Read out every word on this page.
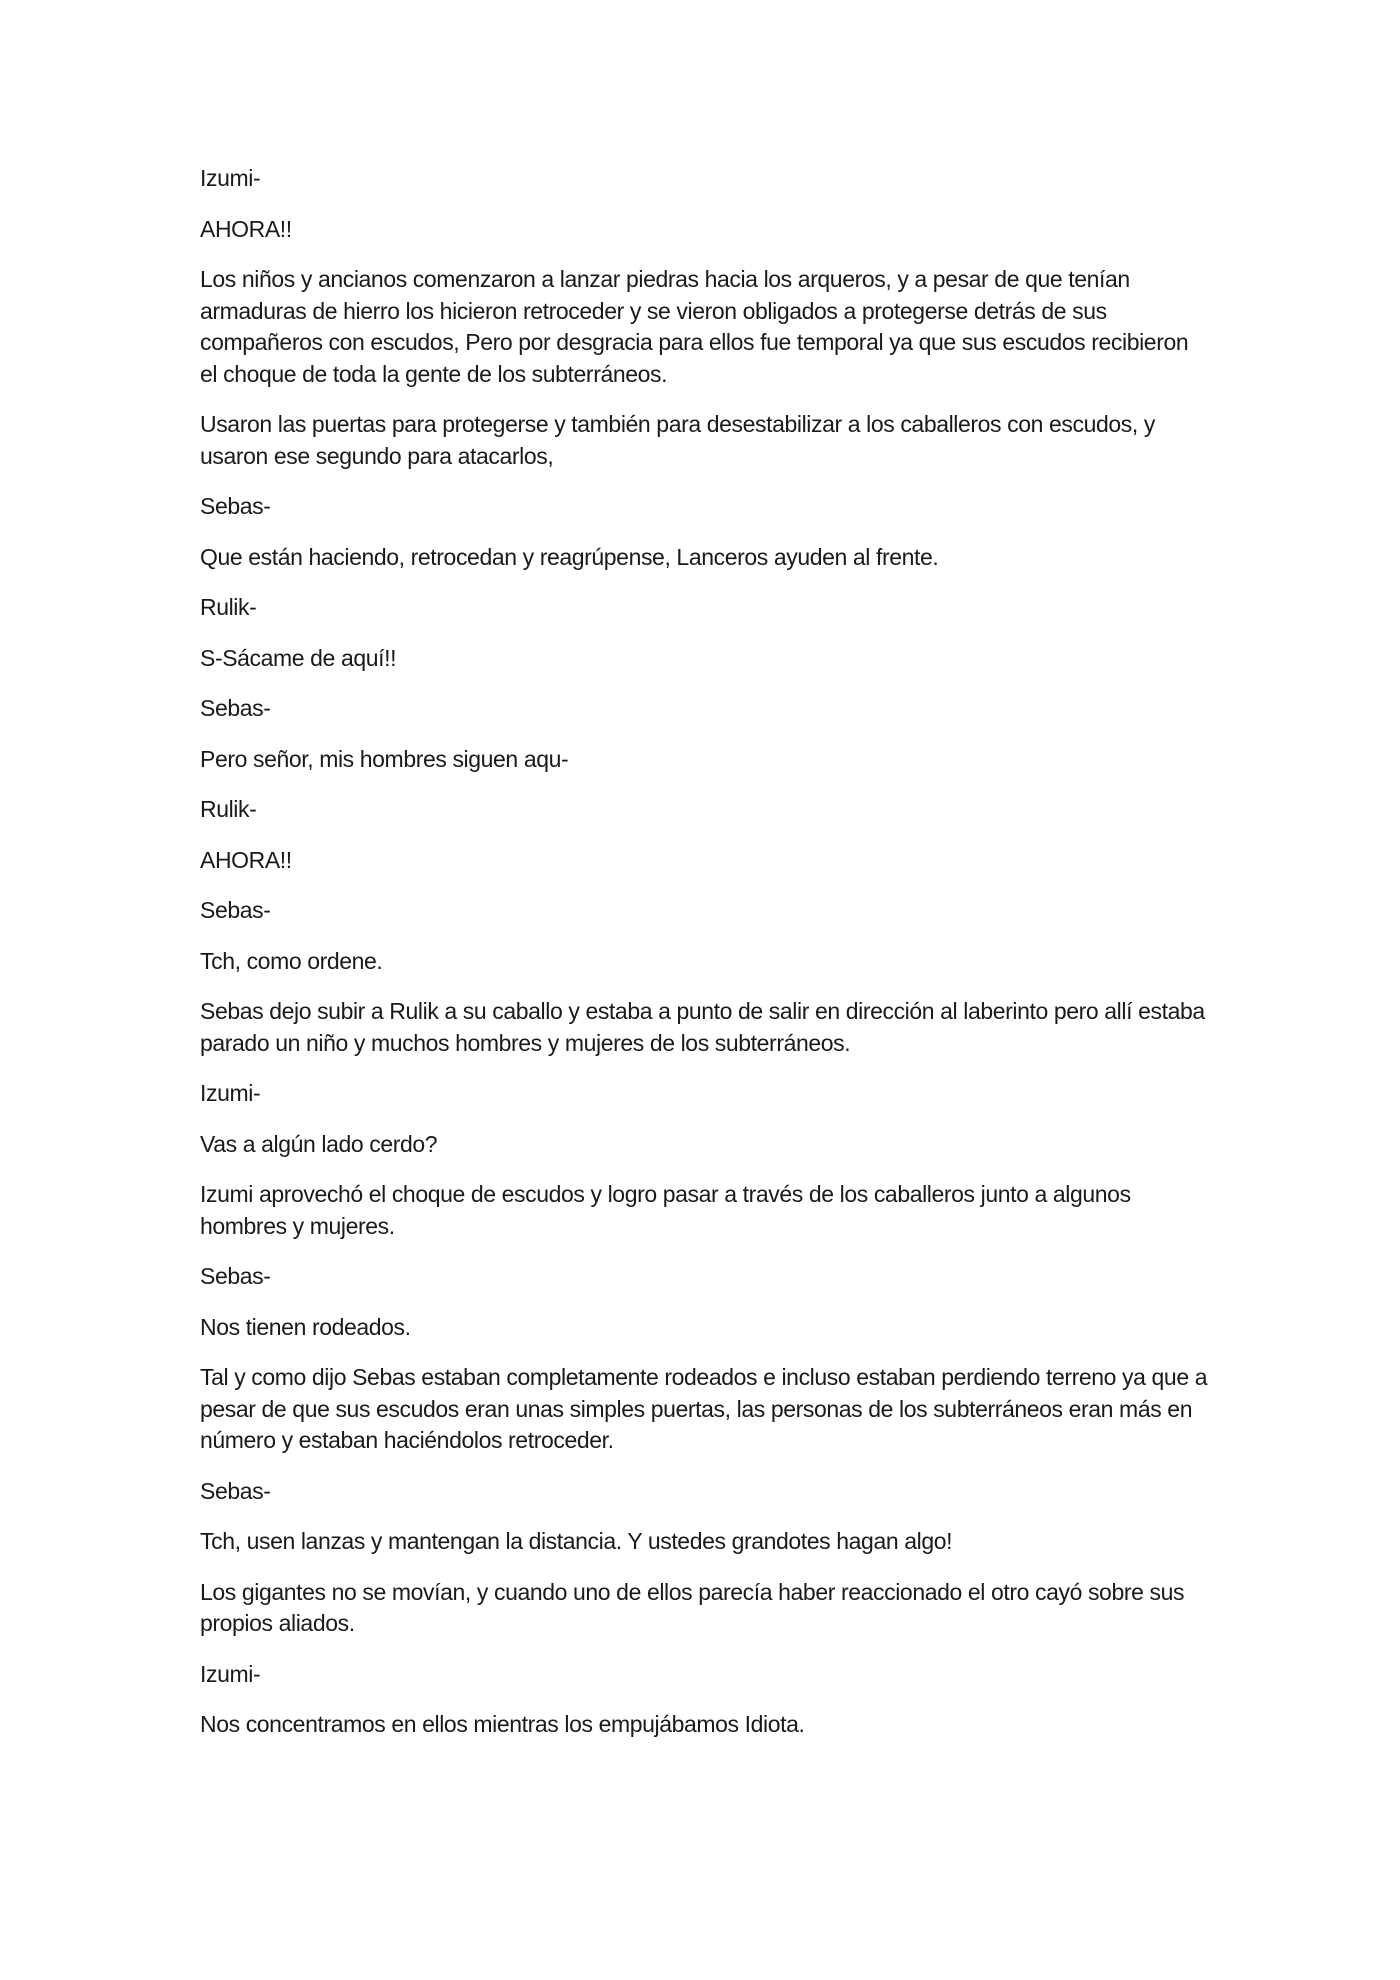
Izumi-

AHORA!!

Los niños y ancianos comenzaron a lanzar piedras hacia los arqueros, y a pesar de que tenían armaduras de hierro los hicieron retroceder y se vieron obligados a protegerse detrás de sus compañeros con escudos, Pero por desgracia para ellos fue temporal ya que sus escudos recibieron el choque de toda la gente de los subterráneos.

Usaron las puertas para protegerse y también para desestabilizar a los caballeros con escudos, y usaron ese segundo para atacarlos,

Sebas-

Que están haciendo, retrocedan y reagrúpense, Lanceros ayuden al frente.

Rulik-

S-Sácame de aquí!!

Sebas-

Pero señor, mis hombres siguen aqu-

Rulik-

AHORA!!

Sebas-

Tch, como ordene.

Sebas dejo subir a Rulik a su caballo y estaba a punto de salir en dirección al laberinto pero allí estaba parado un niño y muchos hombres y mujeres de los subterráneos.

Izumi-

Vas a algún lado cerdo?

Izumi aprovechó el choque de escudos y logro pasar a través de los caballeros junto a algunos hombres y mujeres.

Sebas-

Nos tienen rodeados.

Tal y como dijo Sebas estaban completamente rodeados e incluso estaban perdiendo terreno ya que a pesar de que sus escudos eran unas simples puertas, las personas de los subterráneos eran más en número y estaban haciéndolos retroceder.

Sebas-

Tch, usen lanzas y mantengan la distancia. Y ustedes grandotes hagan algo!

Los gigantes no se movían, y cuando uno de ellos parecía haber reaccionado el otro cayó sobre sus propios aliados.

Izumi-

Nos concentramos en ellos mientras los empujábamos Idiota.
